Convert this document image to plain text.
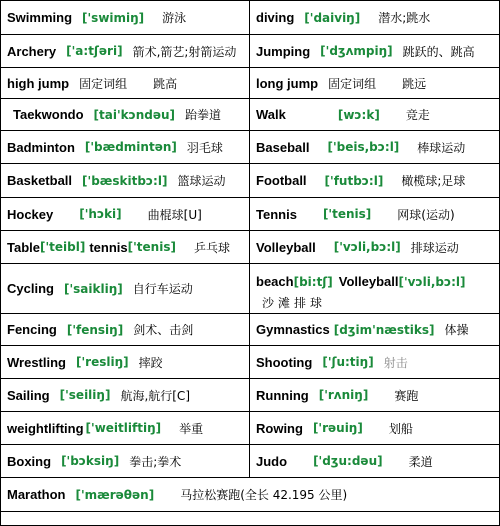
Swimming ['swimiŋ] 游泳	diving ['daiviŋ] 潜水;跳水
Archery ['a:tʃəri] 箭术,箭艺;射箭运动 Jumping ['dʒʌmpiŋ] 跳跃的、跳高
high jump 固定词组 跳高	long jump 固定词组 跳远
Taekwondo [tai'kɔndəu] 跆拳道	Walk	[wɔ:k] 竞走
Badminton ['bædmintən] 羽毛球	Baseball ['beis,bɔ:l] 棒球运动
Basketball ['bæskitbɔ:l] 篮球运动 Football ['futbɔ:l] 橄榄球;足球
Hockey ['hɔki] 曲棍球[U]	Tennis ['tenis] 网球(运动)
Table ['teibl] tennis ['tenis] 乒乓球 Volleyball ['vɔli,bɔ:l] 排球运动
Cycling ['saikliŋ] 自行车运动	beach [bi:tʃ] Volleyball ['vɔli,bɔ:l]
沙滩排球
Fencing ['fensiŋ] 剑术、击剑	Gymnastics [dʒim'næstiks] 体操
Wrestling ['resliŋ] 摔跤	Shooting ['ʃu:tiŋ] 射击
Sailing ['seiliŋ] 航海,航行[C]	Running ['rʌniŋ] 赛跑
weightlifting ['weitliftiŋ] 举重	Rowing ['rəuiŋ] 划船
Boxing ['bɔksiŋ] 拳击;拳术	Judo ['dʒu:dəu] 柔道
Marathon ['mærəθən] 马拉松赛跑(全长 42.195 公里)
